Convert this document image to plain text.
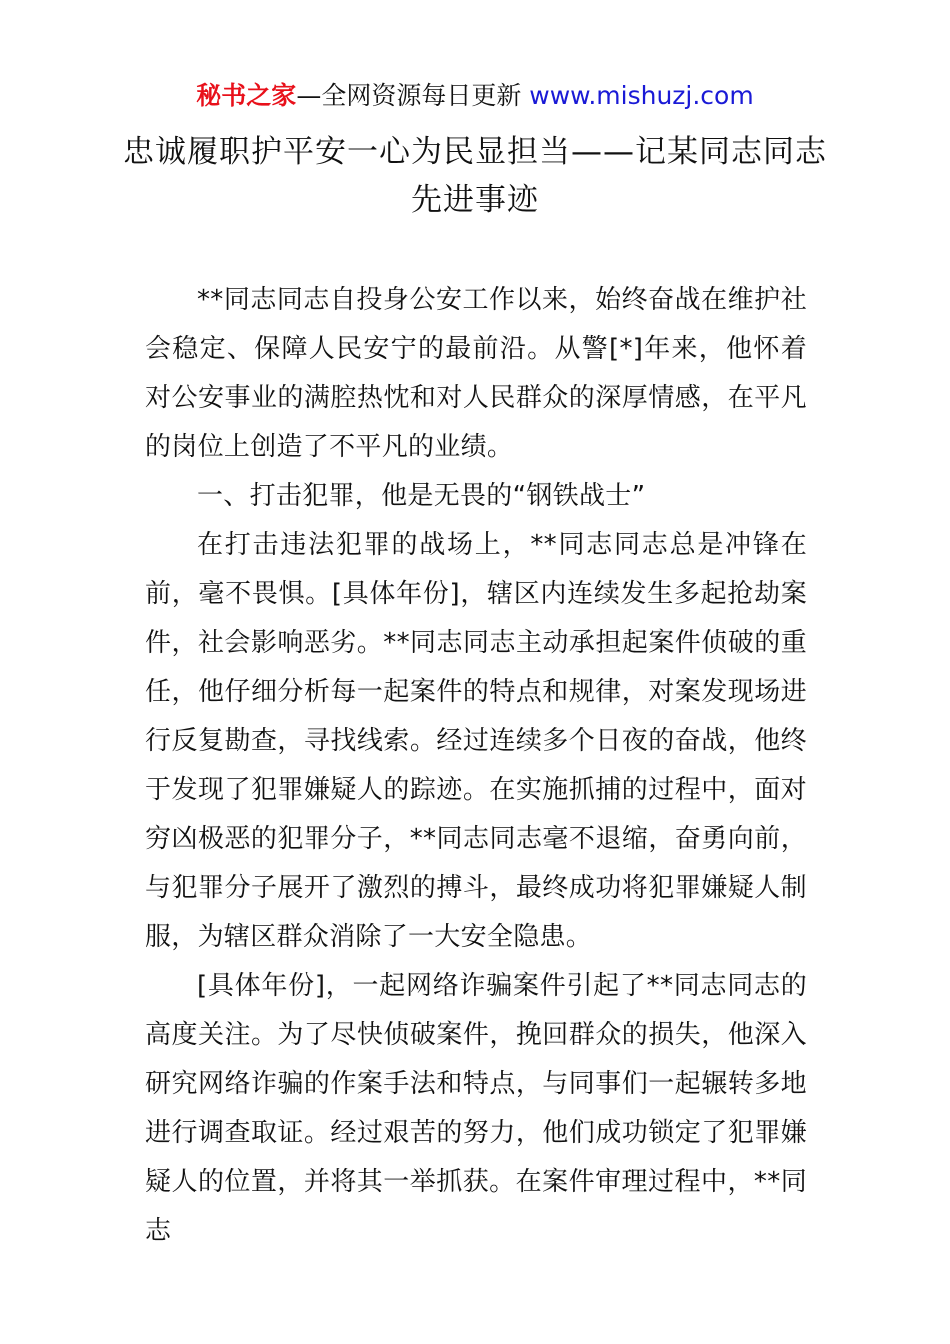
秘书之家—全网资源每日更新 www.mishuzj.com
忠诚履职护平安一心为民显担当——记某同志同志先进事迹

**同志同志自投身公安工作以来，始终奋战在维护社会稳定、保障人民安宁的最前沿。从警[*]年来，他怀着对公安事业的满腔热忱和对人民群众的深厚情感，在平凡的岗位上创造了不平凡的业绩。

一、打击犯罪，他是无畏的“钢铁战士”

在打击违法犯罪的战场上，**同志同志总是冲锋在前，毫不畏惧。[具体年份]，辖区内连续发生多起抢劫案件，社会影响恶劣。**同志同志主动承担起案件侦破的重任，他仔细分析每一起案件的特点和规律，对案发现场进行反复勘查，寻找线索。经过连续多个日夜的奋战，他终于发现了犯罪嫌疑人的踪迹。在实施抓捕的过程中，面对穷凶极恶的犯罪分子，**同志同志毫不退缩，奋勇向前，与犯罪分子展开了激烈的搏斗，最终成功将犯罪嫌疑人制服，为辖区群众消除了一大安全隐患。

[具体年份]，一起网络诈骗案件引起了**同志同志的高度关注。为了尽快侦破案件，挽回群众的损失，他深入研究网络诈骗的作案手法和特点，与同事们一起辗转多地进行调查取证。经过艰苦的努力，他们成功锁定了犯罪嫌疑人的位置，并将其一举抓获。在案件审理过程中，**同志
